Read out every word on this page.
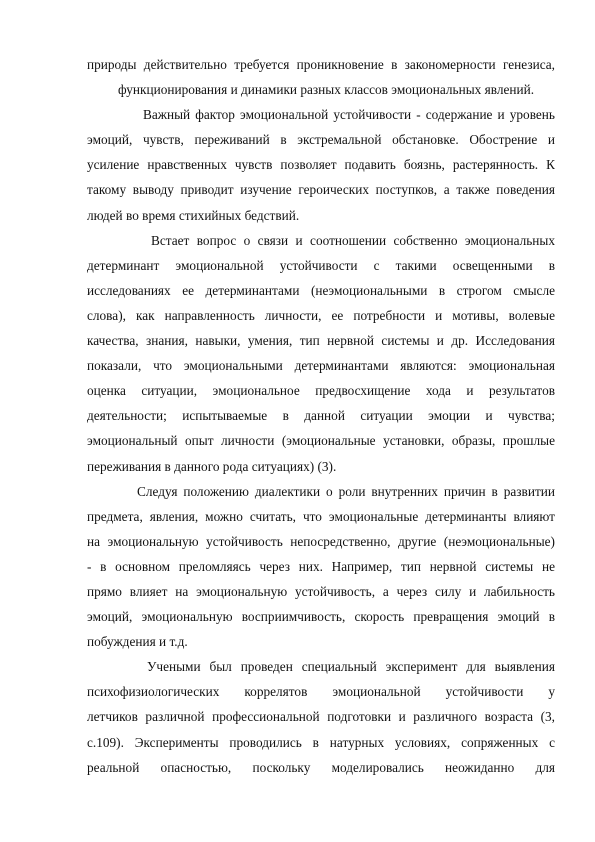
природы действительно требуется проникновение в закономерности генезиса,
функционирования и динамики разных классов эмоциональных явлений.
Важный фактор эмоциональной устойчивости - содержание и уровень
эмоций, чувств, переживаний в экстремальной обстановке. Обострение и
усиление нравственных чувств позволяет подавить боязнь, растерянность. К
такому выводу приводит изучение героических поступков, а также поведения
людей во время стихийных бедствий.
Встает вопрос о связи и соотношении собственно эмоциональных
детерминант эмоциональной устойчивости с такими освещенными в
исследованиях ее детерминантами (неэмоциональными в строгом смысле
слова), как направленность личности, ее потребности и мотивы, волевые
качества, знания, навыки, умения, тип нервной системы и др. Исследования
показали, что эмоциональными детерминантами являются: эмоциональная
оценка ситуации, эмоциональное предвосхищение хода и результатов
деятельности; испытываемые в данной ситуации эмоции и чувства;
эмоциональный опыт личности (эмоциональные установки, образы, прошлые
переживания в данного рода ситуациях) (3).
Следуя положению диалектики о роли внутренних причин в развитии
предмета, явления, можно считать, что эмоциональные детерминанты влияют
на эмоциональную устойчивость непосредственно, другие (неэмоциональные)
- в основном преломляясь через них. Например, тип нервной системы не
прямо влияет на эмоциональную устойчивость, а через силу и лабильность
эмоций, эмоциональную восприимчивость, скорость превращения эмоций в
побуждения и т.д.
Учеными был проведен специальный эксперимент для выявления
психофизиологических коррелятов эмоциональной устойчивости у
летчиков различной профессиональной подготовки и различного возраста (3,
с.109). Эксперименты проводились в натурных условиях, сопряженных с
реальной опасностью, поскольку моделировались неожиданно для
